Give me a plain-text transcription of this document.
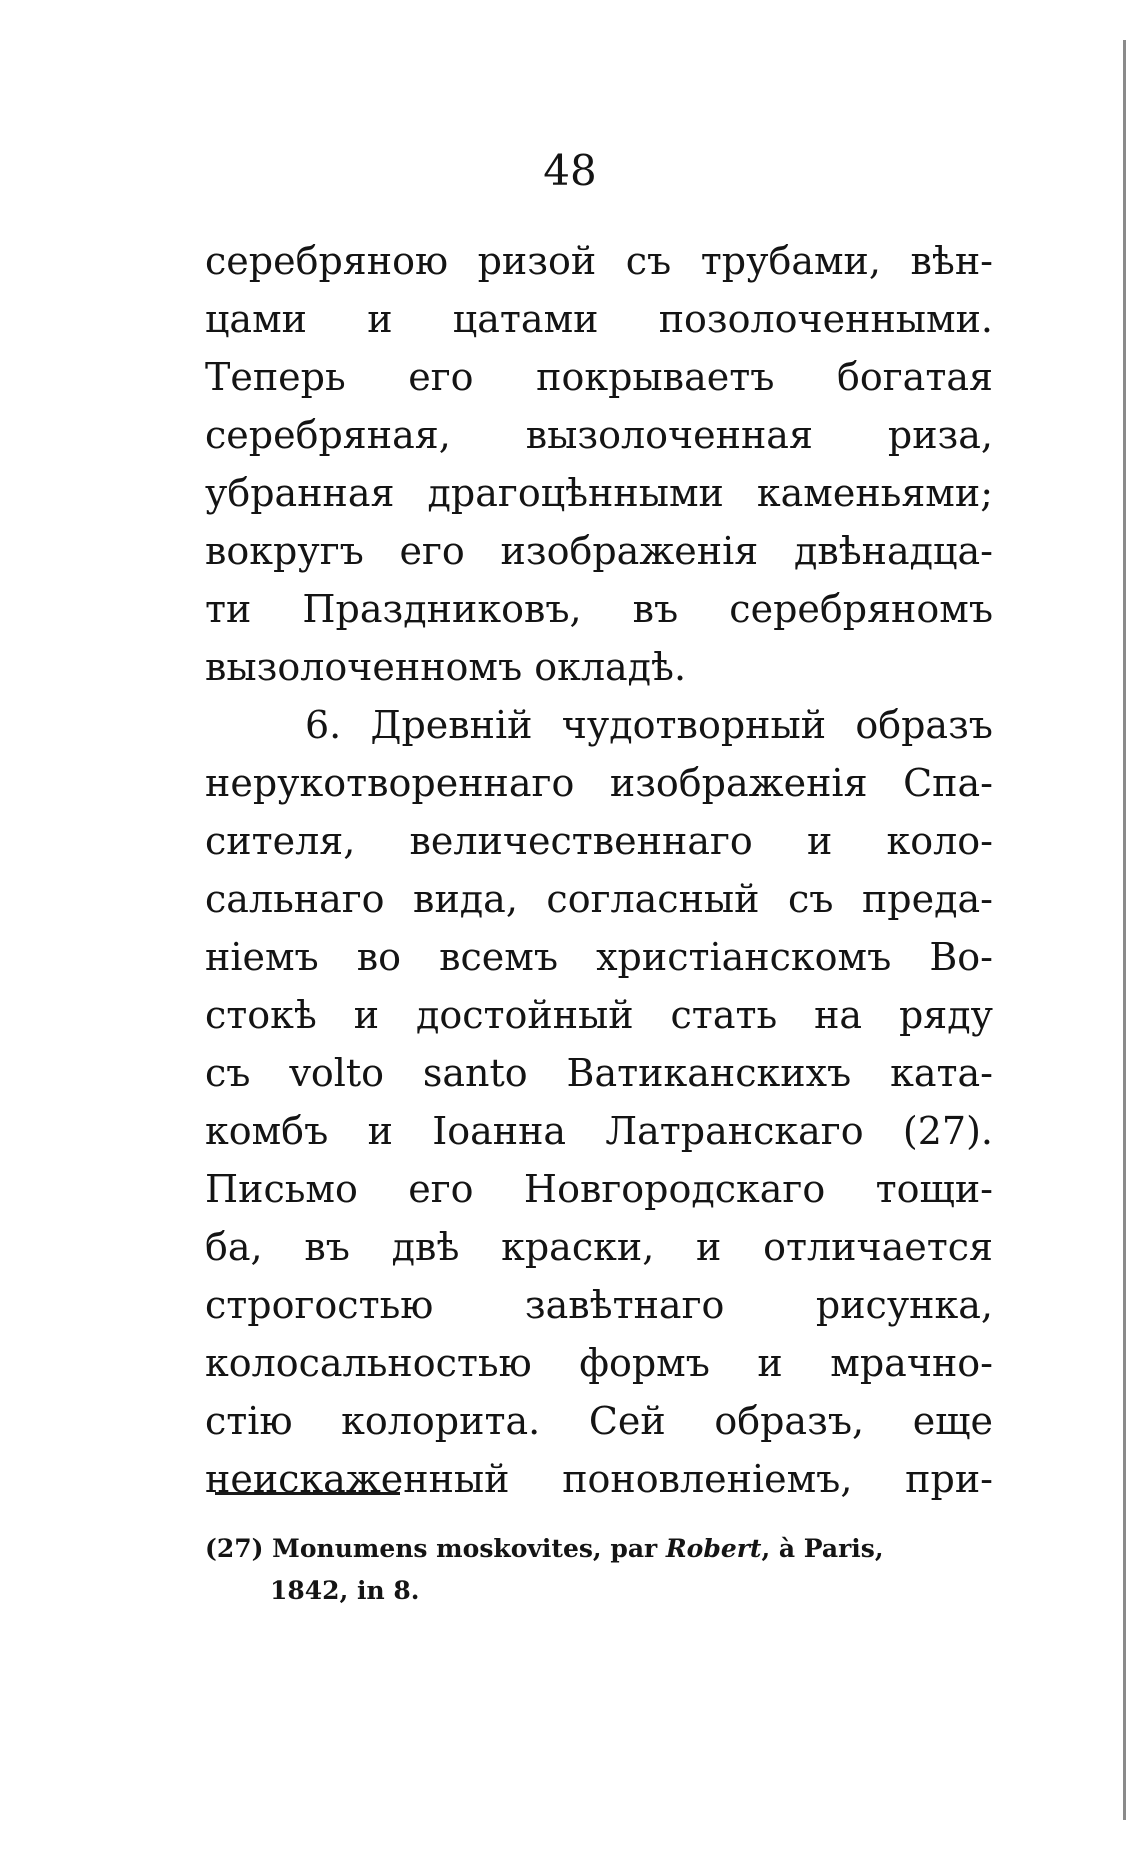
48
серебряною ризой съ трубами, вѣн-
цами и цатами позолоченными.
Теперь его покрываетъ богатая
серебряная, вызолоченная риза,
убранная драгоцѣнными каменьями;
вокругъ его изображенія двѣнадца-
ти Праздниковъ, въ серебряномъ
вызолоченномъ окладѣ.
6. Древній чудотворный образъ
нерукотвореннаго изображенія Спа-
сителя, величественнаго и коло-
сальнаго вида, согласный съ преда-
ніемъ во всемъ христіанскомъ Во-
стокѣ и достойный стать на ряду
съ volto santo Ватиканскихъ ката-
комбъ и Іоанна Латранскаго (27).
Письмо его Новгородскаго тощи-
ба, въ двѣ краски, и отличается
строгостью завѣтнаго рисунка,
колосальностью формъ и мрачно-
стію колорита. Сей образъ, еще
неискаженный поновленіемъ, при-
(27) Monumens moskovites, par Robert, à Paris,
1842, in 8.
